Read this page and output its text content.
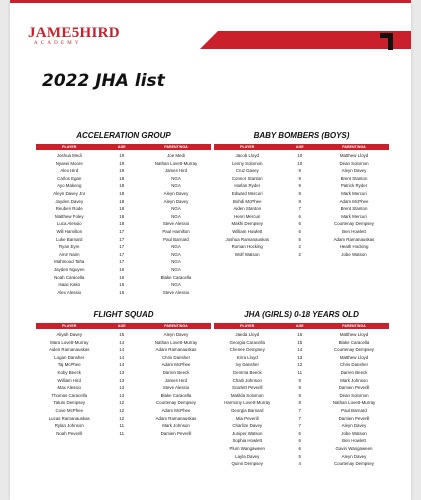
JAME5HIRD
ACADEMY
2022 JHA list
ACCELERATION GROUP
PLAYER	AGE	PARENT/NGA
Joshua Medi	19	Joe Medi
Nyasei Moore	19	Nathan Lovett-Murray
Alex Hird	19	James Hird
Carlos Egan	18	NGA
Ayo Makeng	18	NGA
Aleyn Davey Jnr	18	Aleyn Davey
Jayden Davey	18	Aleyn Davey
Reuben Rode	18	NGA
Matthew Foley	18	NGA
Luca Alessio	18	Steve Alessio
Will Hamilton	17	Paul Hamilton
Luke Barnard	17	Paul Barnard
Ryan Eyre	17	NGA
Amir Naim	17	NGA
Mahmoud Taha	17	NGA
Jayden Nguyen	16	NGA
Noah Caracella	16	Blake Caracella
Isaac Kako	16	NGA
Alex Alessio	16	Steve Alessio
BABY BOMBERS (BOYS)
PLAYER	AGE	PARENT/NGA
Jacob Lloyd	10	Matthew Lloyd
Lenny Solomon	10	Dean Solomon
Cruz Davey	9	Aleyn Davey
Connor Stanton	9	Brent Stanton
Harlan Ryder	9	Patrick Ryder
Edward Mercuri	8	Mark Mercuri
Bohdi McPhee	8	Adam McPhee
Aiden Stanton	7	Brent Stanton
Henri Mercuri	6	Mark Mercuri
Makhi Dempsey	6	Courtenay Dempsey
William Howlett	6	Ben Howlett
Joshua Ramanauskas	5	Adam Ramanauskas
Roman Hocking	2	Heath Hocking
Wolf Watson	2	Jobe Watson
FLIGHT SQUAD
PLAYER	AGE	PARENT/NGA
Aliyah Davey	15	Aleyn Davey
Mara Lovett-Murray	14	Nathan Lovett-Murray
Aiden Ramanauskas	14	Adam Ramanauskas
Logan Dansher	14	Chris Dansher
Taj McPhee	14	Adam McPhee
Koby Beeck	13	Darren Beeck
William Hird	13	James Hird
Max Alessio	13	Steve Alessio
Thomas Caracella	13	Blake Caracella
Tatum Dempsey	12	Courtenay Dempsey
Cove McPhee	12	Adam McPhee
Lucas Ramanauskas	12	Adam Ramanauskas
Rylan Johnson	11	Mark Johnson
Noah Peverill	11	Damien Peverill
JHA (GIRLS) 0-18 YEARS OLD
PLAYER	AGE	PARENT/NGA
Jaeda Lloyd	16	Matthew Lloyd
Georgia Caracella	15	Blake Caracella
Chenee Dempsey	14	Courtenay Dempsey
Kirra Lloyd	13	Matthew Lloyd
Ivy Dansher	12	Chris Dansher
Gemma Beeck	11	Darren Beeck
Charli Johnson	9	Mark Johnson
Scarlett Peverill	9	Damien Peverill
Matilda Solomon	8	Dean Solomon
Harmony Lovett-Murray	8	Nathan Lovett-Murray
Georgia Barnard	7	Paul Barnard
Mia Peverill	7	Damien Peverill
Charlize Davey	7	Aleyn Davey
Juniper Watson	6	Jobe Watson
Sophia Howlett	6	Ben Howlett
Plum Wangaween	6	Gavin Wangaween
Layla Davey	5	Aleyn Davey
Quinn Dempsey	4	Courtenay Dempsey
